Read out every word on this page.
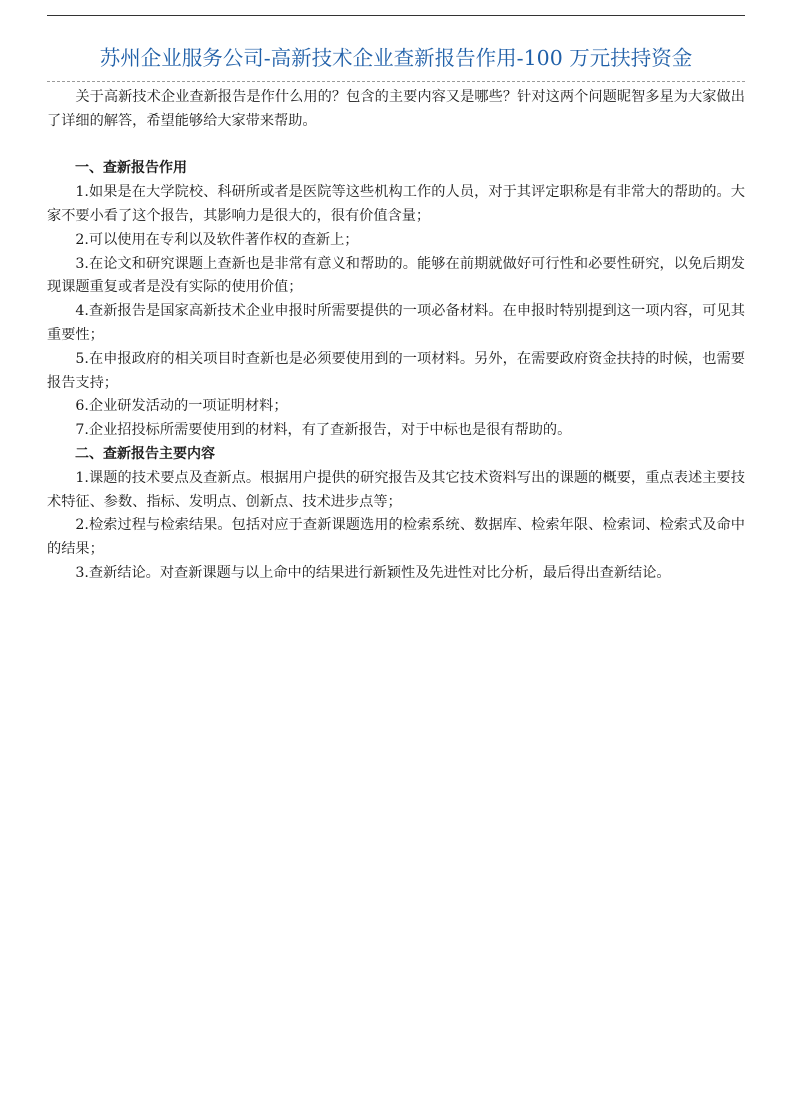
苏州企业服务公司-高新技术企业查新报告作用-100 万元扶持资金

关于高新技术企业查新报告是作什么用的？包含的主要内容又是哪些？针对这两个问题昵智多星为大家做出了详细的解答，希望能够给大家带来帮助。

一、查新报告作用

1.如果是在大学院校、科研所或者是医院等这些机构工作的人员，对于其评定职称是有非常大的帮助的。大家不要小看了这个报告，其影响力是很大的，很有价值含量；

2.可以使用在专利以及软件著作权的查新上；

3.在论文和研究课题上查新也是非常有意义和帮助的。能够在前期就做好可行性和必要性研究，以免后期发现课题重复或者是没有实际的使用价值；

4.查新报告是国家高新技术企业申报时所需要提供的一项必备材料。在申报时特别提到这一项内容，可见其重要性；

5.在申报政府的相关项目时查新也是必须要使用到的一项材料。另外，在需要政府资金扶持的时候，也需要报告支持；

6.企业研发活动的一项证明材料；

7.企业招投标所需要使用到的材料，有了查新报告，对于中标也是很有帮助的。

二、查新报告主要内容

1.课题的技术要点及查新点。根据用户提供的研究报告及其它技术资料写出的课题的概要，重点表述主要技术特征、参数、指标、发明点、创新点、技术进步点等；

2.检索过程与检索结果。包括对应于查新课题选用的检索系统、数据库、检索年限、检索词、检索式及命中的结果；

3.查新结论。对查新课题与以上命中的结果进行新颖性及先进性对比分析，最后得出查新结论。
